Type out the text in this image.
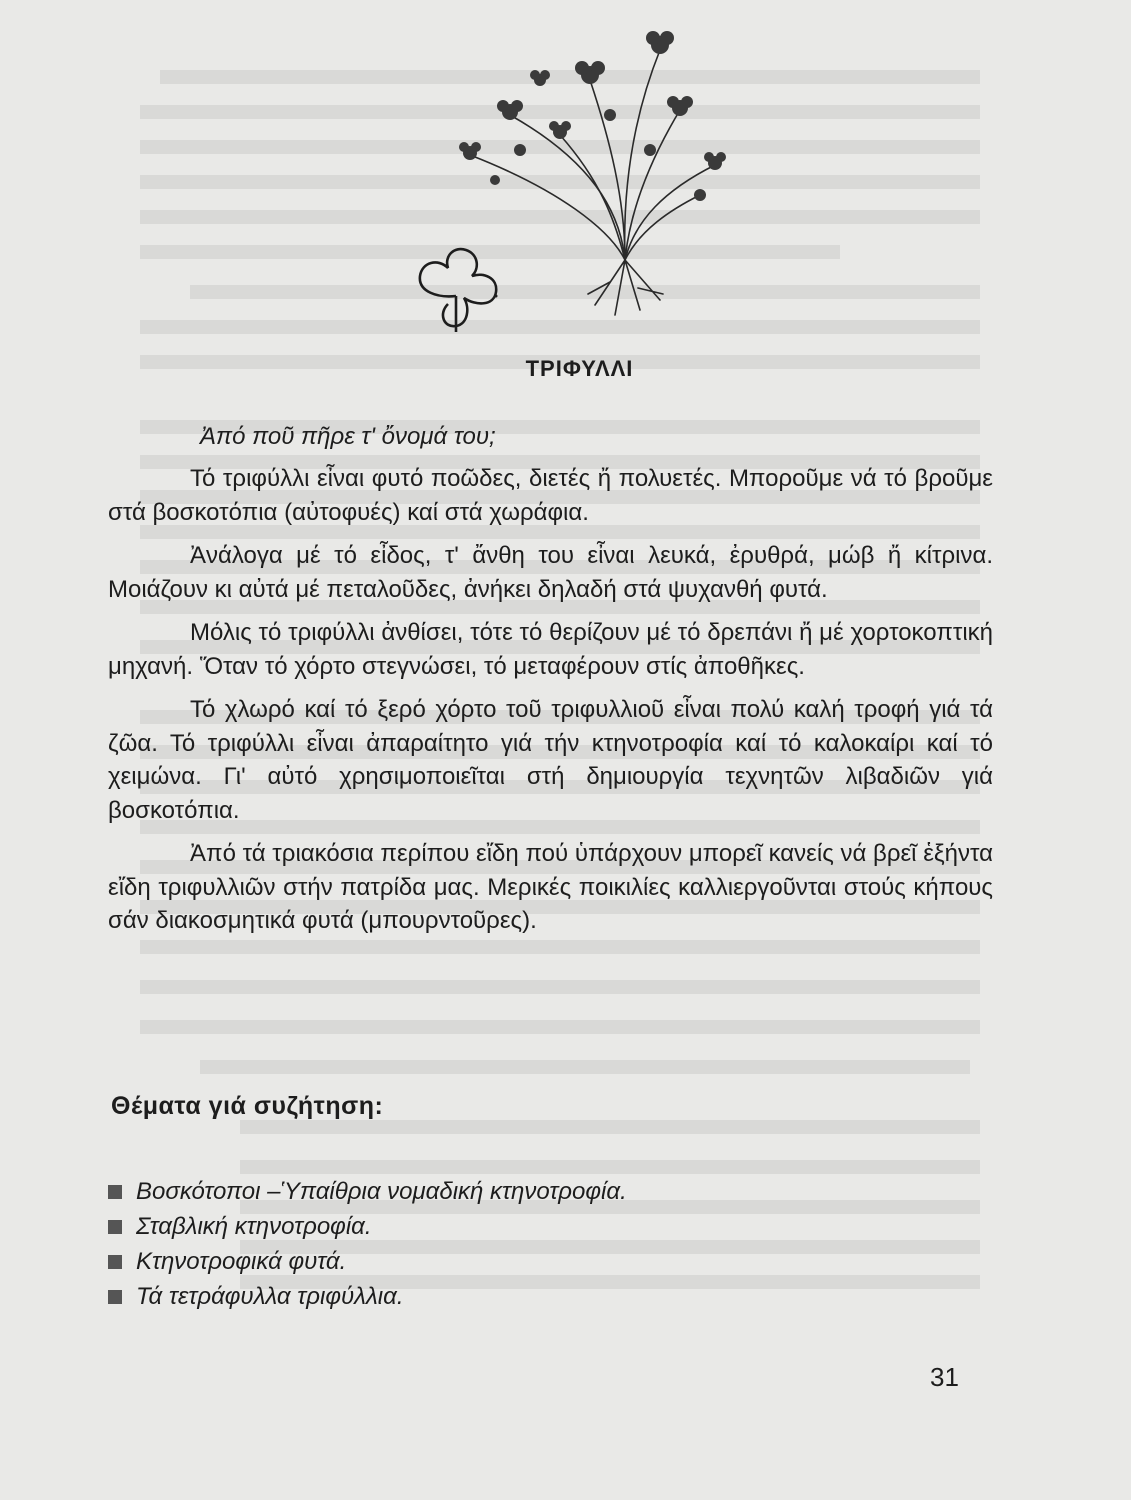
ΤΡΙΦΥΛΛΙ
Ἀπό ποῦ πῆρε τ' ὄνομά του;

Τό τριφύλλι εἶναι φυτό ποῶδες, διετές ἤ πολυετές. Μποροῦμε νά τό βροῦμε στά βοσκοτόπια (αὐτοφυές) καί στά χωράφια.

Ἀνάλογα μέ τό εἶδος, τ' ἄνθη του εἶναι λευκά, ἐρυθρά, μώβ ἤ κίτρινα. Μοιάζουν κι αὐτά μέ πεταλοῦδες, ἀνήκει δηλαδή στά ψυχανθή φυτά.

Μόλις τό τριφύλλι ἀνθίσει, τότε τό θερίζουν μέ τό δρεπάνι ἤ μέ χορτοκοπτική μηχανή. Ὅταν τό χόρτο στεγνώσει, τό μεταφέρουν στίς ἀποθῆκες.

Τό χλωρό καί τό ξερό χόρτο τοῦ τριφυλλιοῦ εἶναι πολύ καλή τροφή γιά τά ζῶα. Τό τριφύλλι εἶναι ἀπαραίτητο γιά τήν κτηνοτροφία καί τό καλοκαίρι καί τό χειμώνα. Γι' αὐτό χρησιμοποιεῖται στή δημιουργία τεχνητῶν λιβαδιῶν γιά βοσκοτόπια.

Ἀπό τά τριακόσια περίπου εἴδη πού ὑπάρχουν μπορεῖ κανείς νά βρεῖ ἑξήντα εἴδη τριφυλλιῶν στήν πατρίδα μας. Μερικές ποικιλίες καλλιεργοῦνται στούς κήπους σάν διακοσμητικά φυτά (μπουρντοῦρες).

Θέματα γιά συζήτηση:
Βοσκότοποι –Ὑπαίθρια νομαδική κτηνοτροφία.
Σταβλική κτηνοτροφία.
Κτηνοτροφικά φυτά.
Τά τετράφυλλα τριφύλλια.
31
